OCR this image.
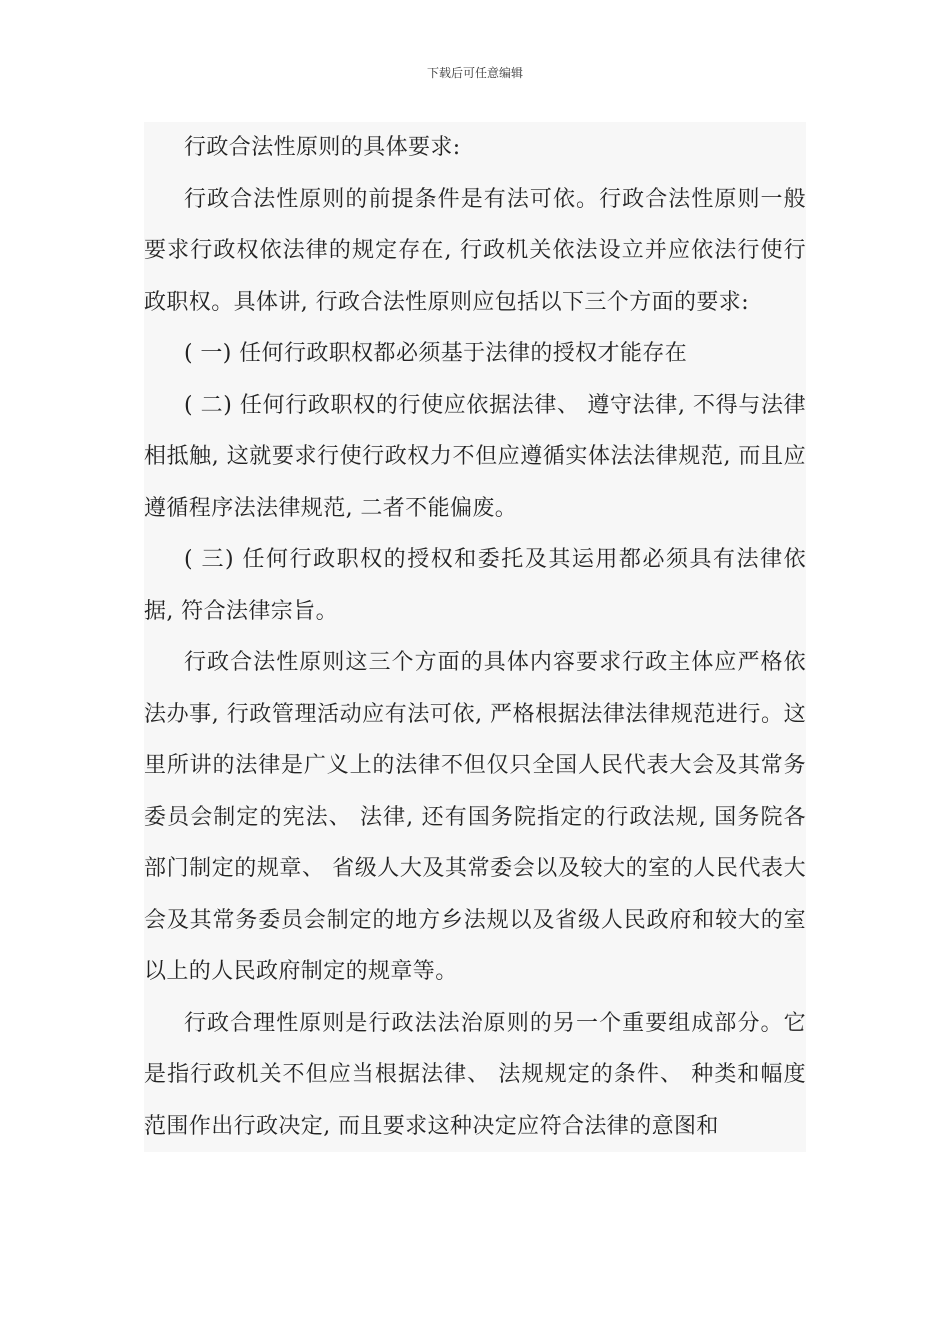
下载后可任意编辑

行政合法性原则的具体要求:

行政合法性原则的前提条件是有法可依。行政合法性原则一般要求行政权依法律的规定存在, 行政机关依法设立并应依法行使行政职权。具体讲, 行政合法性原则应包括以下三个方面的要求:

( 一) 任何行政职权都必须基于法律的授权才能存在

( 二) 任何行政职权的行使应依据法律、 遵守法律, 不得与法律相抵触, 这就要求行使行政权力不但应遵循实体法法律规范, 而且应遵循程序法法律规范, 二者不能偏废。

( 三) 任何行政职权的授权和委托及其运用都必须具有法律依据, 符合法律宗旨。

行政合法性原则这三个方面的具体内容要求行政主体应严格依法办事, 行政管理活动应有法可依, 严格根据法律法律规范进行。这里所讲的法律是广义上的法律不但仅只全国人民代表大会及其常务委员会制定的宪法、 法律, 还有国务院指定的行政法规, 国务院各部门制定的规章、 省级人大及其常委会以及较大的室的人民代表大会及其常务委员会制定的地方乡法规以及省级人民政府和较大的室以上的人民政府制定的规章等。

行政合理性原则是行政法法治原则的另一个重要组成部分。它是指行政机关不但应当根据法律、 法规规定的条件、 种类和幅度范围作出行政决定, 而且要求这种决定应符合法律的意图和
